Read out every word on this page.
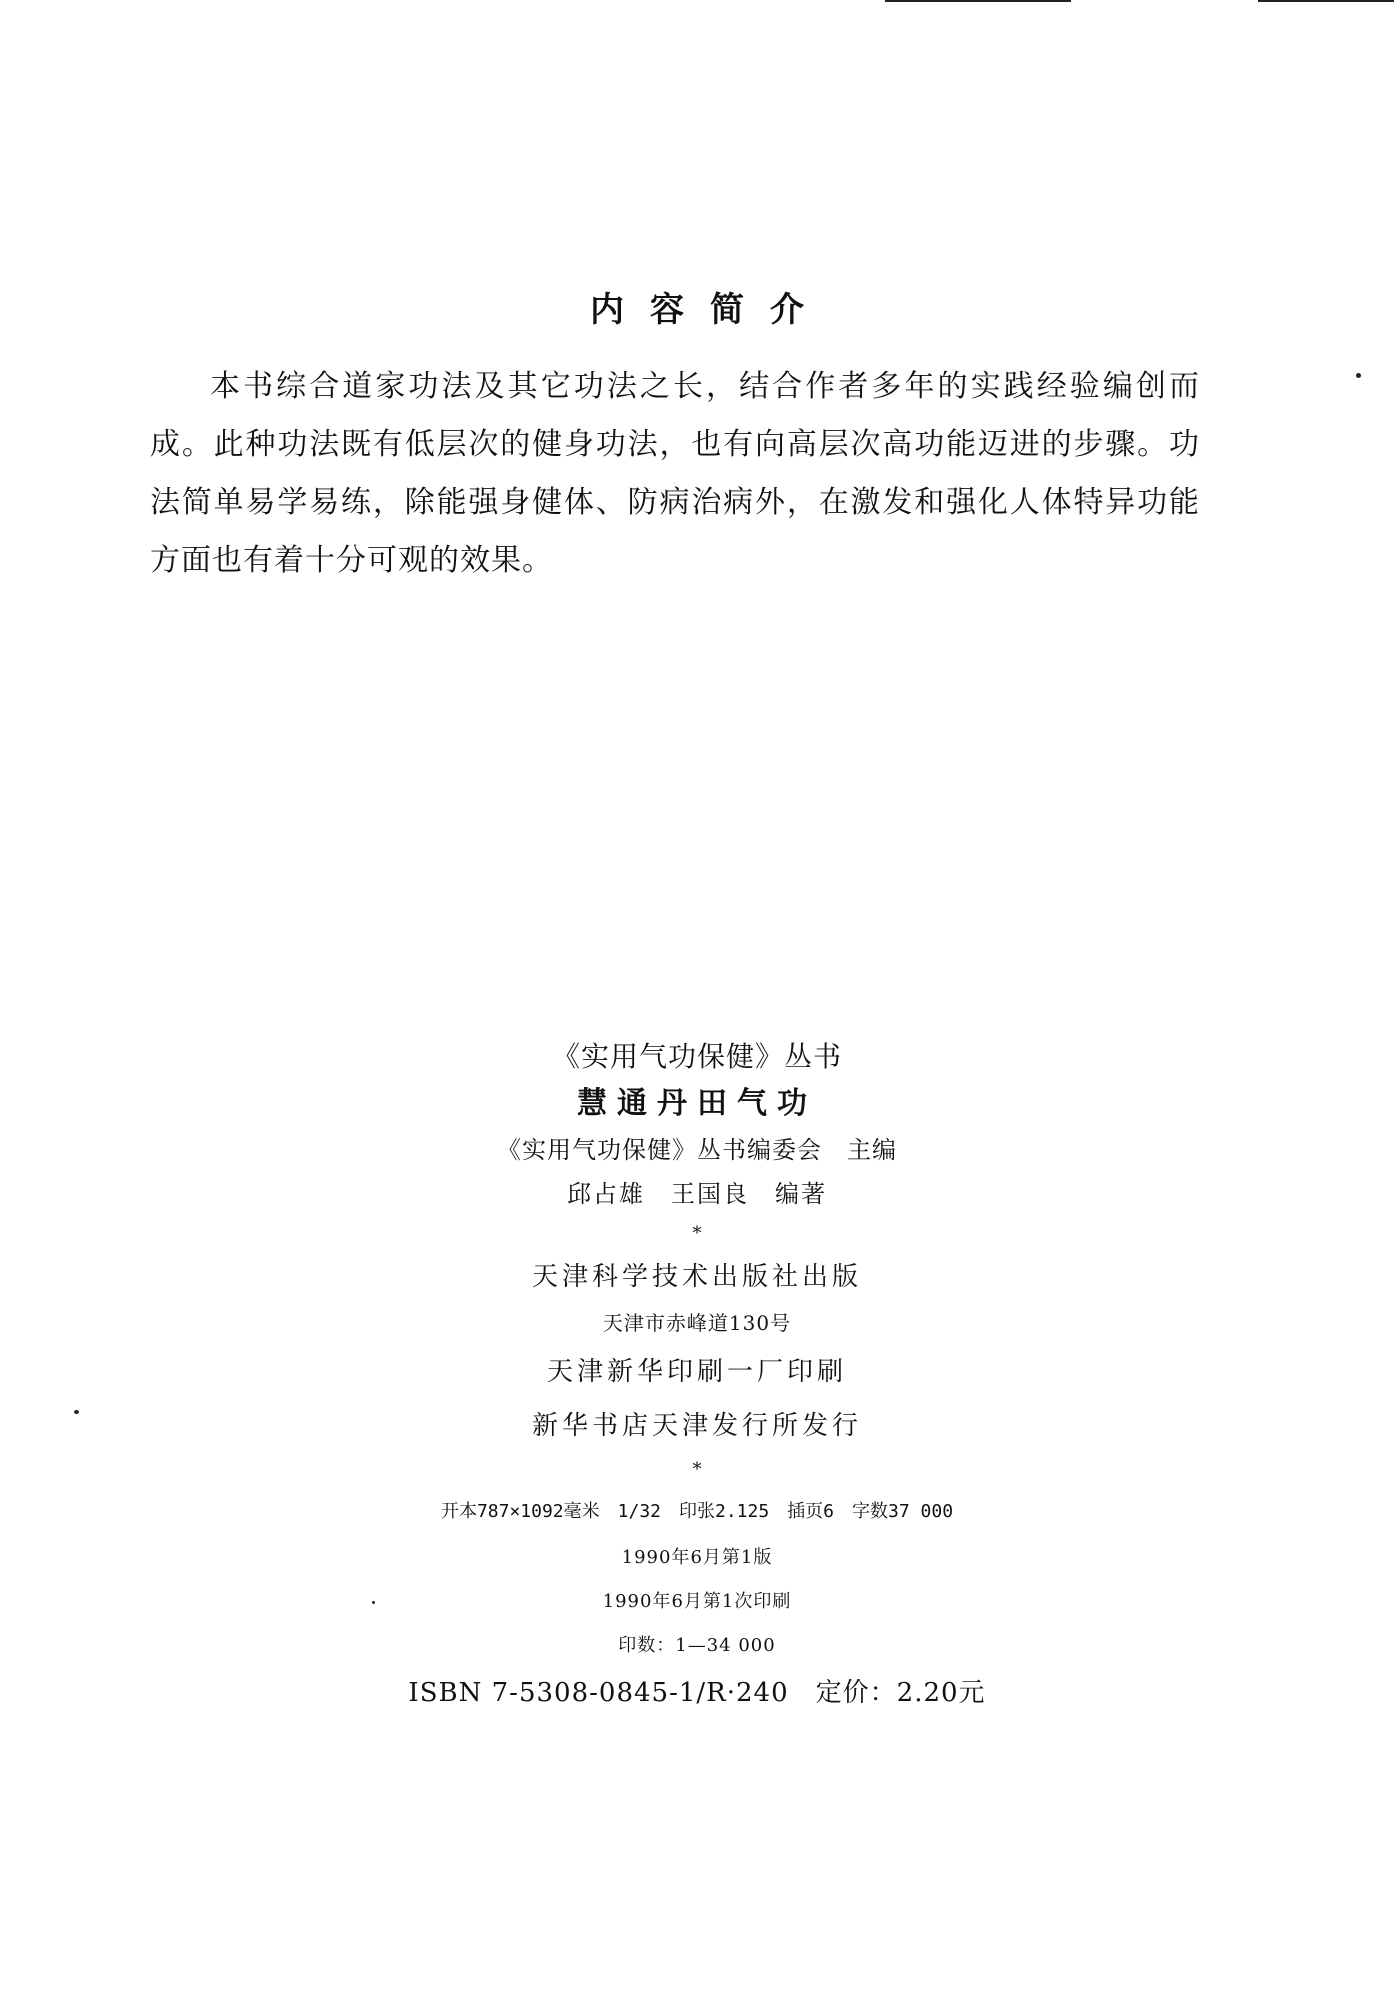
内容简介
本书综合道家功法及其它功法之长，结合作者多年的实践经验编创而成。此种功法既有低层次的健身功法，也有向高层次高功能迈进的步骤。功法简单易学易练，除能强身健体、防病治病外，在激发和强化人体特异功能方面也有着十分可观的效果。
《实用气功保健》丛书
慧通丹田气功
《实用气功保健》丛书编委会　主编
邱占雄　王国良　编著
*
天津科学技术出版社出版
天津市赤峰道130号
天津新华印刷一厂印刷
新华书店天津发行所发行
*
开本787×1092毫米　1/32　印张2.125　插页6　字数37 000
1990年6月第1版
1990年6月第1次印刷
印数：1—34 000
ISBN 7-5308-0845-1/R·240　 定价：2.20元
